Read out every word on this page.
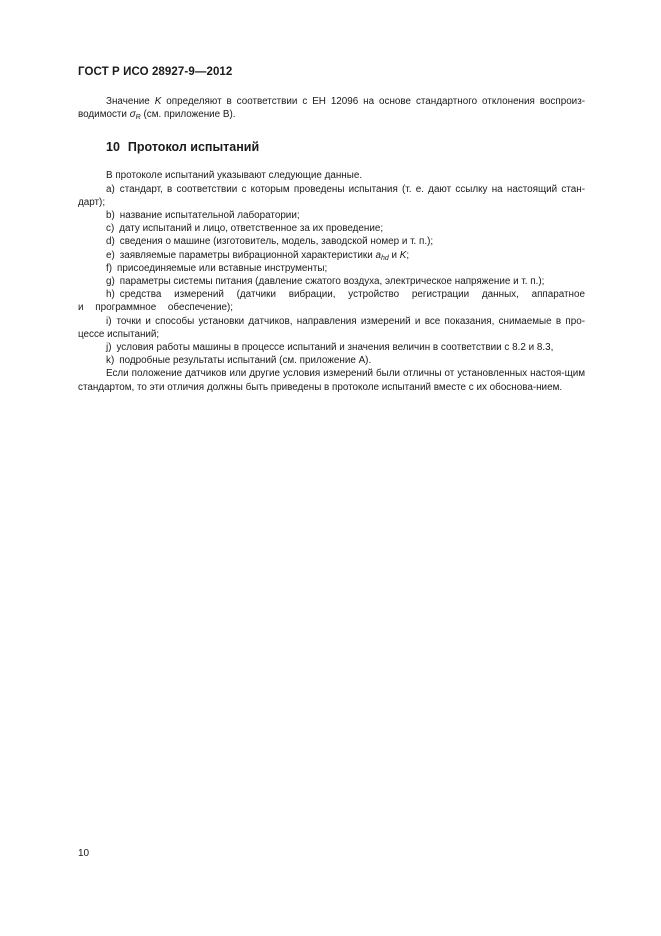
ГОСТ Р ИСО 28927-9—2012

Значение K определяют в соответствии с ЕН 12096 на основе стандартного отклонения воспроиз-водимости $\sigma_R$ (см. приложение В).

10 Протокол испытаний

В протоколе испытаний указывают следующие данные.

a) стандарт, в соответствии с которым проведены испытания (т. е. дают ссылку на настоящий стан-дарт);

b) название испытательной лаборатории;

c) дату испытаний и лицо, ответственное за их проведение;

d) сведения о машине (изготовитель, модель, заводской номер и т. п.);

e) заявляемые параметры вибрационной характеристики $a_{hd}$ и K;

f) присоединяемые или вставные инструменты;

g) параметры системы питания (давление сжатого воздуха, электрическое напряжение и т. п.);

h) средства измерений (датчики вибрации, устройство регистрации данных, аппаратное и программное обеспечение);

i) точки и способы установки датчиков, направления измерений и все показания, снимаемые в про-цессе испытаний;

j) условия работы машины в процессе испытаний и значения величин в соответствии с 8.2 и 8.3,

k) подробные результаты испытаний (см. приложение А).

Если положение датчиков или другие условия измерений были отличны от установленных настоя-щим стандартом, то эти отличия должны быть приведены в протоколе испытаний вместе с их обоснова-нием.

10
